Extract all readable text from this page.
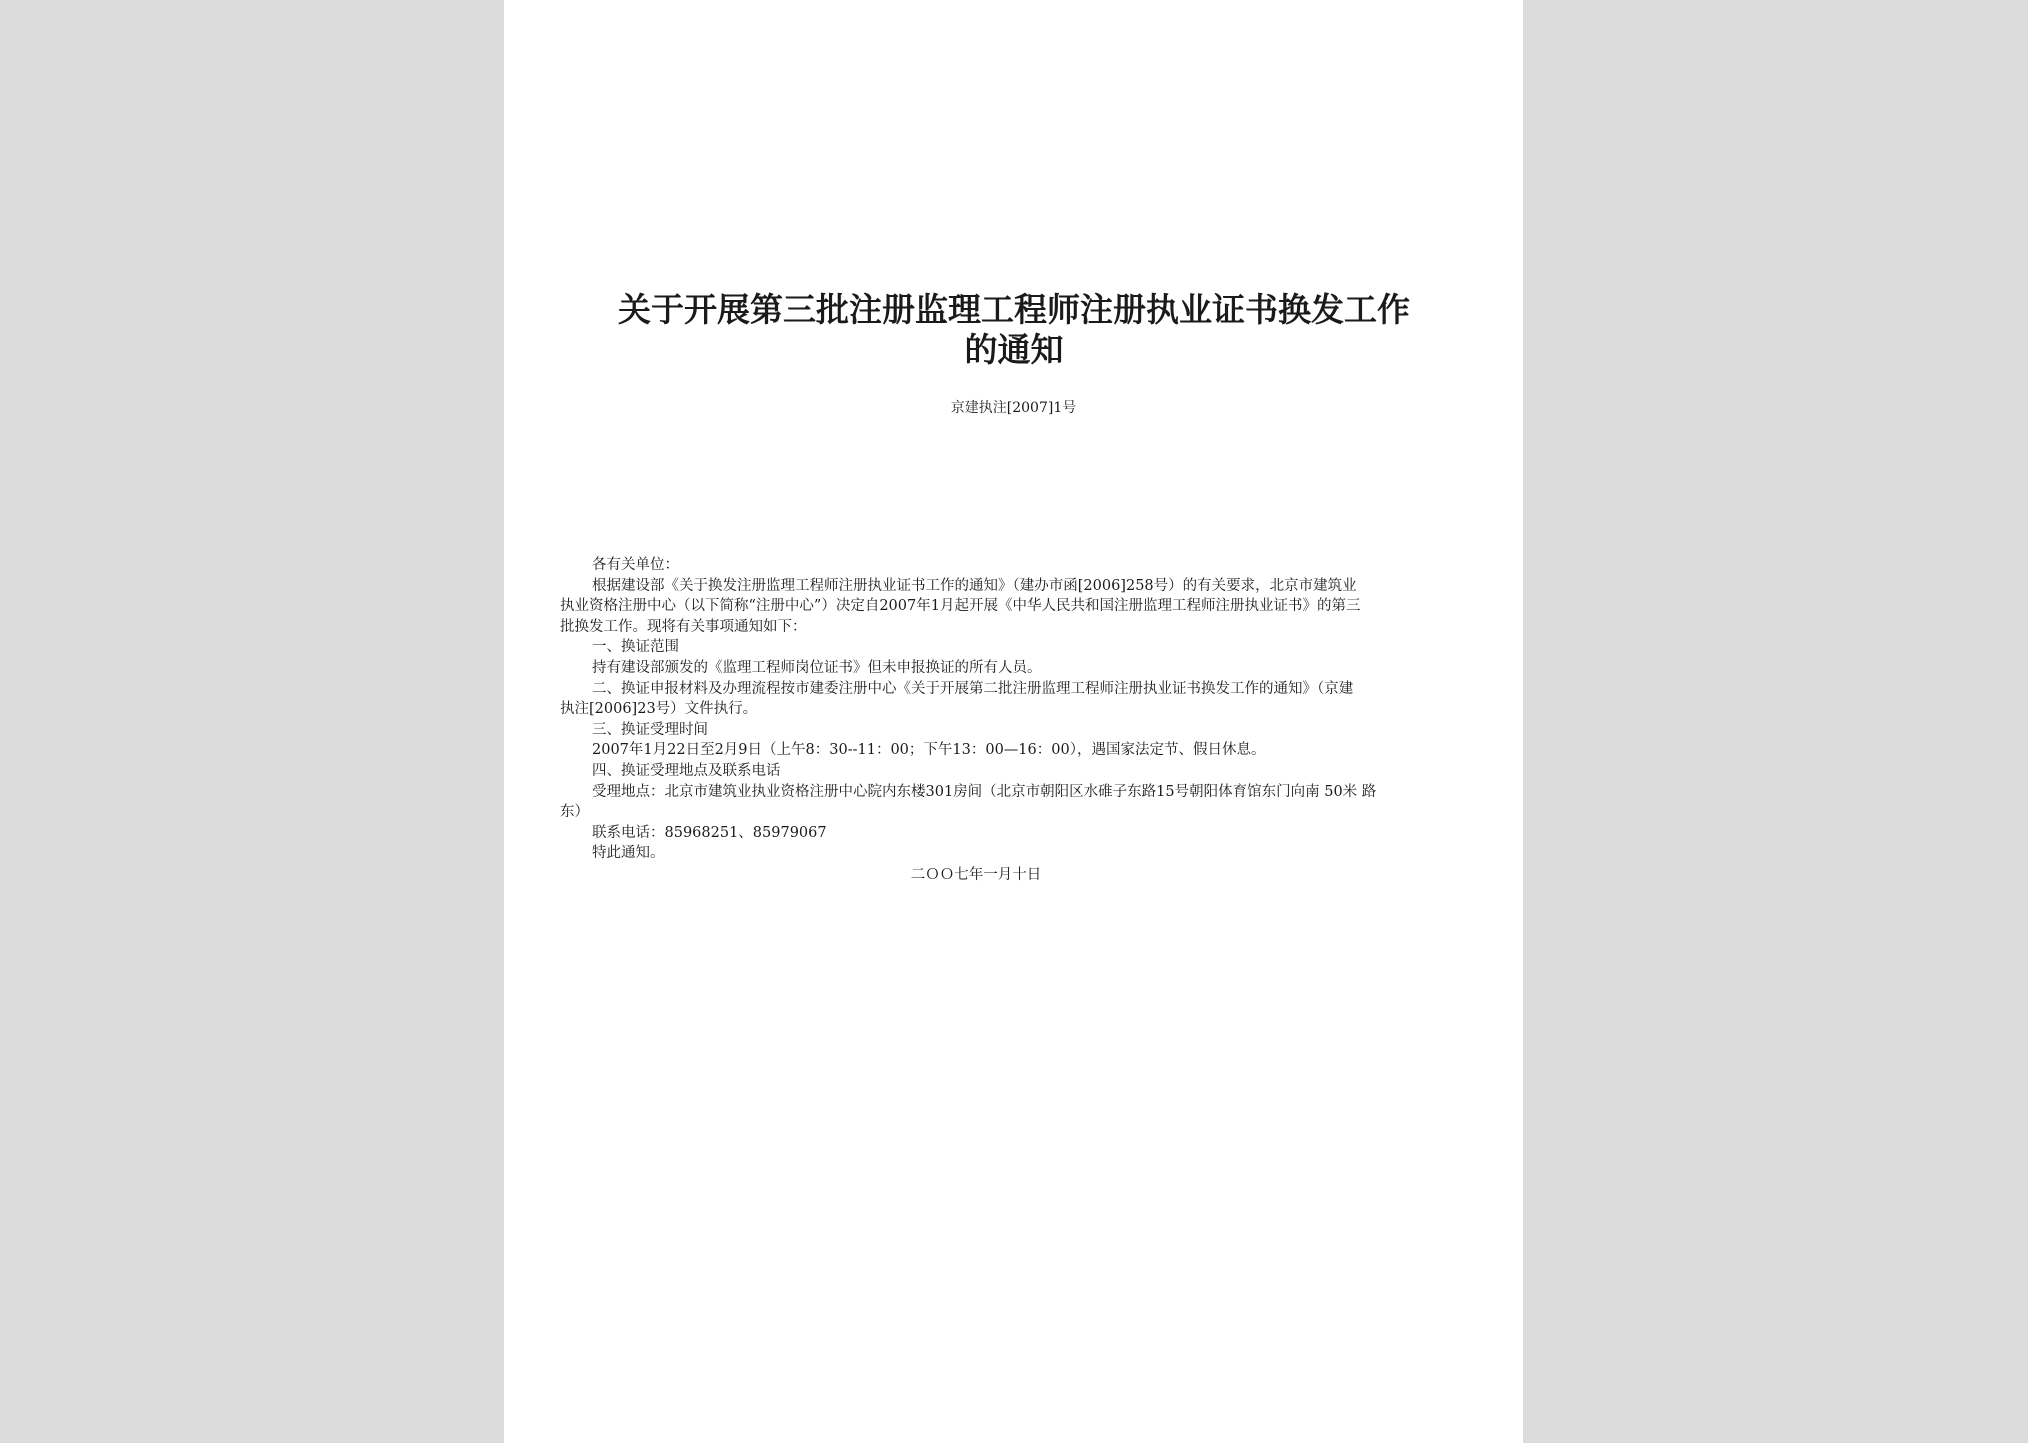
关于开展第三批注册监理工程师注册执业证书换发工作
的通知
京建执注[2007]1号
各有关单位：
根据建设部《关于换发注册监理工程师注册执业证书工作的通知》（建办市函[2006]258号）的有关要求，北京市建筑业
执业资格注册中心（以下简称“注册中心”）决定自2007年1月起开展《中华人民共和国注册监理工程师注册执业证书》的第三
批换发工作。现将有关事项通知如下：
一、换证范围
持有建设部颁发的《监理工程师岗位证书》但未申报换证的所有人员。
二、换证申报材料及办理流程按市建委注册中心《关于开展第二批注册监理工程师注册执业证书换发工作的通知》（京建
执注[2006]23号）文件执行。
三、换证受理时间
2007年1月22日至2月9日（上午8：30--11：00；下午13：00—16：00），遇国家法定节、假日休息。
四、换证受理地点及联系电话
受理地点：北京市建筑业执业资格注册中心院内东楼301房间（北京市朝阳区水碓子东路15号朝阳体育馆东门向南 50米 路
东）
联系电话：85968251、85979067
特此通知。
二ＯＯ七年一月十日
